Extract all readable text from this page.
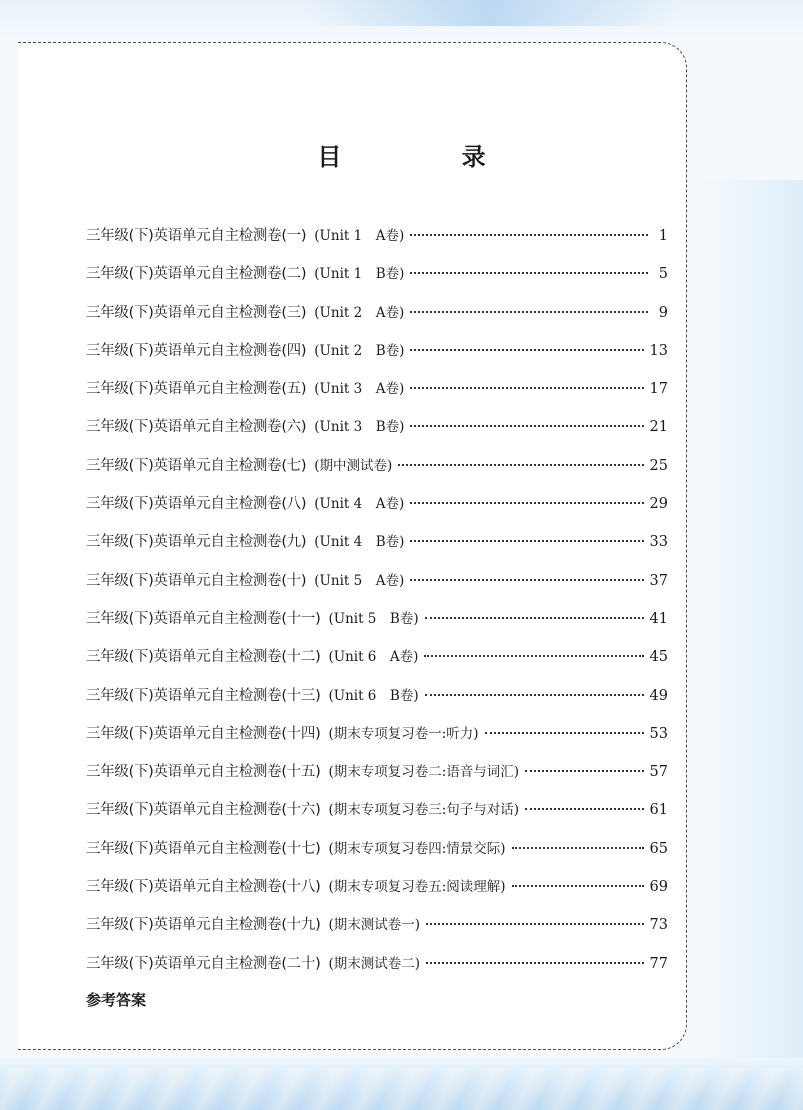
目 录
三年级(下)英语单元自主检测卷(一) (Unit 1　A卷)	1
三年级(下)英语单元自主检测卷(二) (Unit 1　B卷)	5
三年级(下)英语单元自主检测卷(三) (Unit 2　A卷)	9
三年级(下)英语单元自主检测卷(四) (Unit 2　B卷)	13
三年级(下)英语单元自主检测卷(五) (Unit 3　A卷)	17
三年级(下)英语单元自主检测卷(六) (Unit 3　B卷)	21
三年级(下)英语单元自主检测卷(七) (期中测试卷)	25
三年级(下)英语单元自主检测卷(八) (Unit 4　A卷)	29
三年级(下)英语单元自主检测卷(九) (Unit 4　B卷)	33
三年级(下)英语单元自主检测卷(十) (Unit 5　A卷)	37
三年级(下)英语单元自主检测卷(十一) (Unit 5　B卷)	41
三年级(下)英语单元自主检测卷(十二) (Unit 6　A卷)	45
三年级(下)英语单元自主检测卷(十三) (Unit 6　B卷)	49
三年级(下)英语单元自主检测卷(十四) (期末专项复习卷一:听力)	53
三年级(下)英语单元自主检测卷(十五) (期末专项复习卷二:语音与词汇)	57
三年级(下)英语单元自主检测卷(十六) (期末专项复习卷三:句子与对话)	61
三年级(下)英语单元自主检测卷(十七) (期末专项复习卷四:情景交际)	65
三年级(下)英语单元自主检测卷(十八) (期末专项复习卷五:阅读理解)	69
三年级(下)英语单元自主检测卷(十九) (期末测试卷一)	73
三年级(下)英语单元自主检测卷(二十) (期末测试卷二)	77
参考答案
